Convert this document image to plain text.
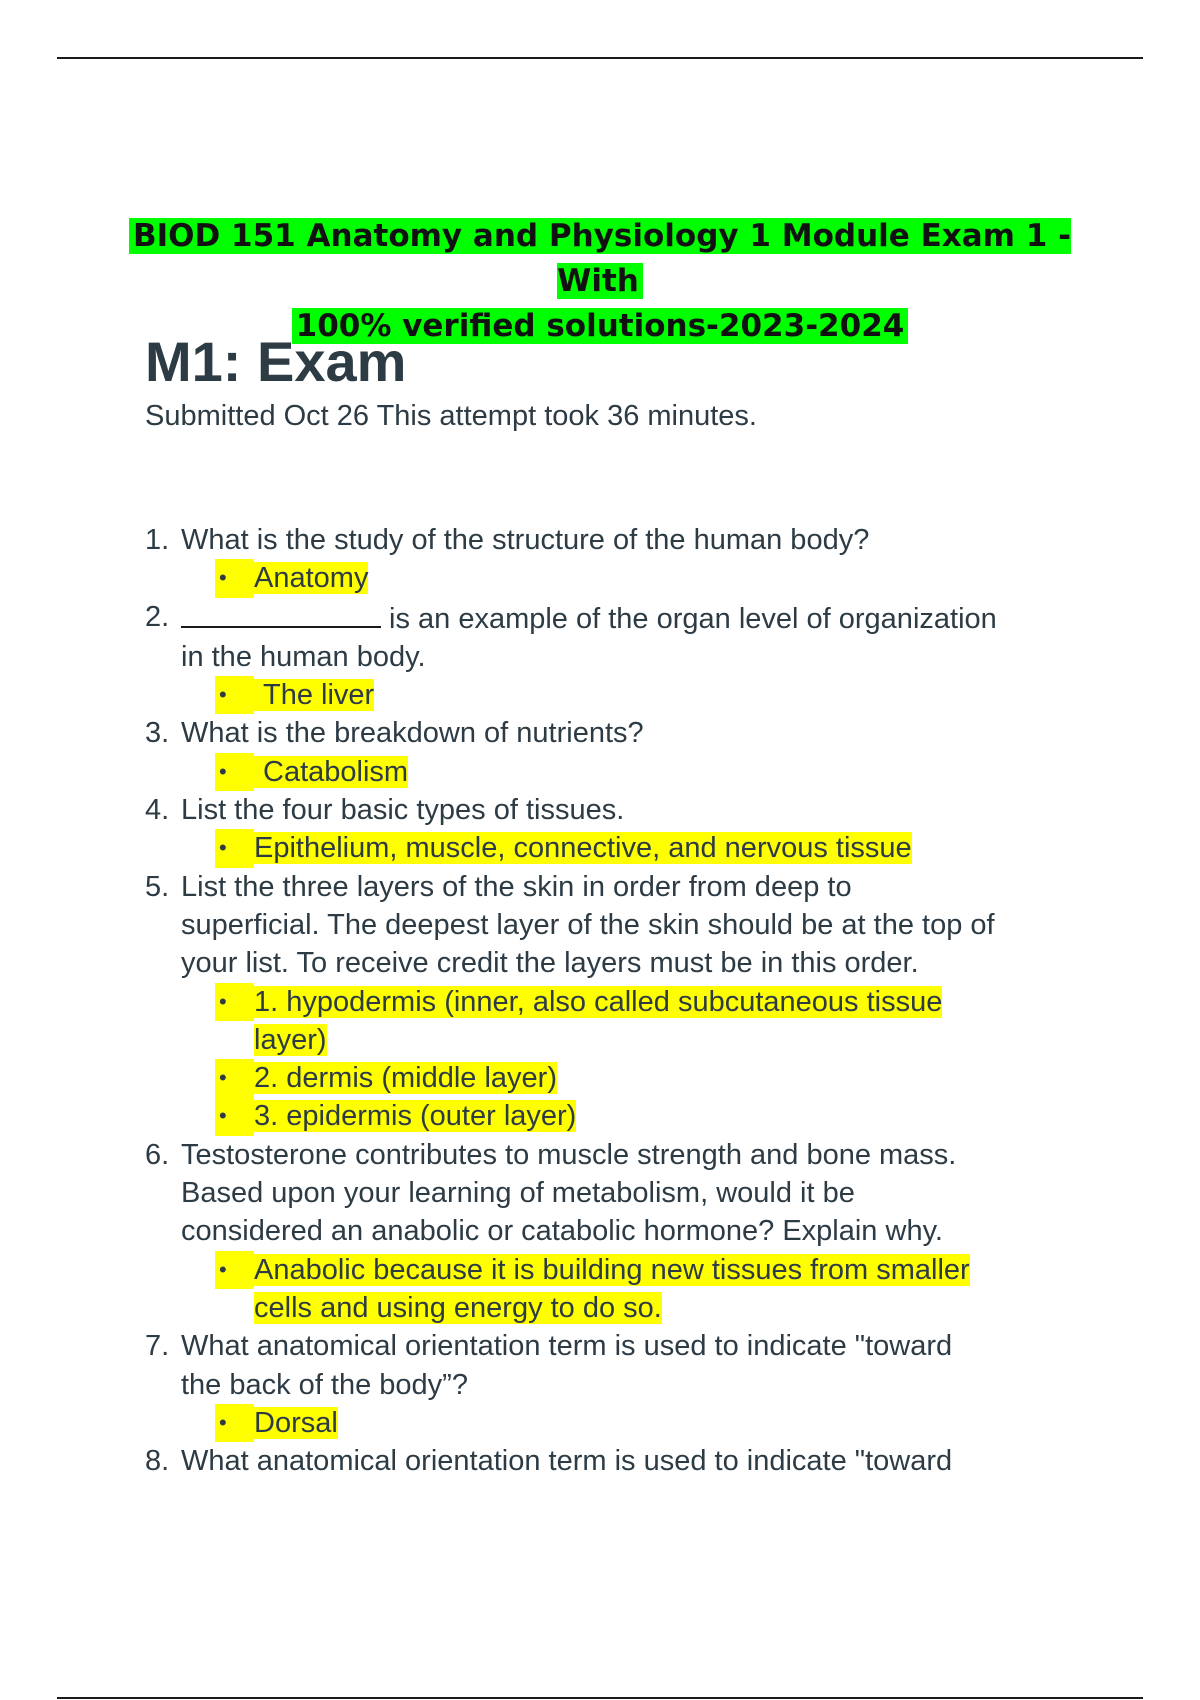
BIOD 151 Anatomy and Physiology 1 Module Exam 1 -With
100% verified solutions-2023-2024
M1: Exam
Submitted Oct 26 This attempt took 36 minutes.
1. What is the study of the structure of the human body?
•
Anatomy
2.	is an example of the organ level of organization
in the human body.
•
The liver
3. What is the breakdown of nutrients?
•
Catabolism
4. List the four basic types of tissues.
•
Epithelium, muscle, connective, and nervous tissue
5. List the three layers of the skin in order from deep to
superficial. The deepest layer of the skin should be at the top of
your list. To receive credit the layers must be in this order.
•
1. hypodermis (inner, also called subcutaneous tissue
layer)
•
2. dermis (middle layer)
•
3. epidermis (outer layer)
6. Testosterone contributes to muscle strength and bone mass.
Based upon your learning of metabolism, would it be
considered an anabolic or catabolic hormone? Explain why.
•
Anabolic because it is building new tissues from smaller
cells and using energy to do so.
7. What anatomical orientation term is used to indicate "toward
the back of the body”?
•
Dorsal
8. What anatomical orientation term is used to indicate "toward
